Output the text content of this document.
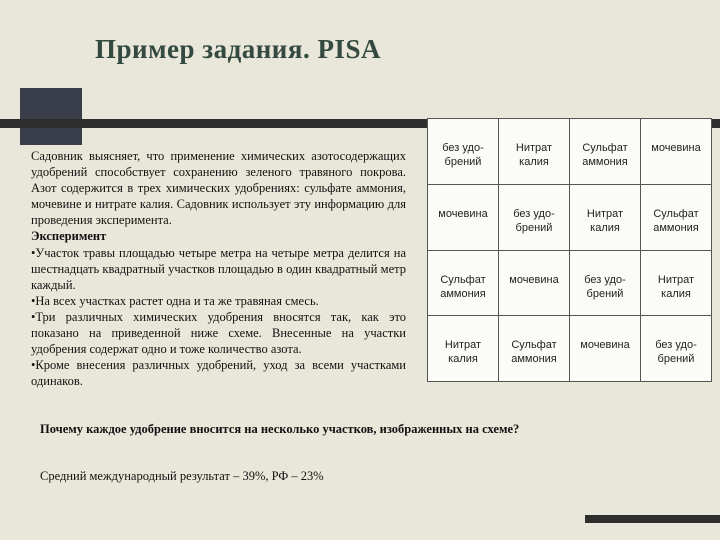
Пример задания. PISA

Садовник выясняет, что применение химических азотосодержащих удобрений способствует сохранению зеленого травяного покрова. Азот содержится в трех химических удобрениях: сульфате аммония, мочевине и нитрате калия. Садовник использует эту информацию для проведения эксперимента.

Эксперимент

•Участок травы площадью четыре метра на четыре метра делится на шестнадцать квадратный участков площадью в один квадратный метр каждый.

•На всех участках растет одна и та же травяная смесь.

•Три различных химических удобрения вносятся так, как это показано на приведенной ниже схеме. Внесенные на участки удобрения содержат одно и тоже количество азота.

•Кроме внесения различных удобрений, уход за всеми участками одинаков.

без удо-брений	Нитрат калия	Сульфат аммония	мочевина
мочевина	без удо-брений	Нитрат калия	Сульфат аммония
Сульфат аммония	мочевина	без удо-брений	Нитрат калия
Нитрат калия	Сульфат аммония	мочевина	без удо-брений
Почему каждое удобрение вносится на несколько участков, изображенных на схеме?
Средний международный результат – 39%, РФ – 23%
